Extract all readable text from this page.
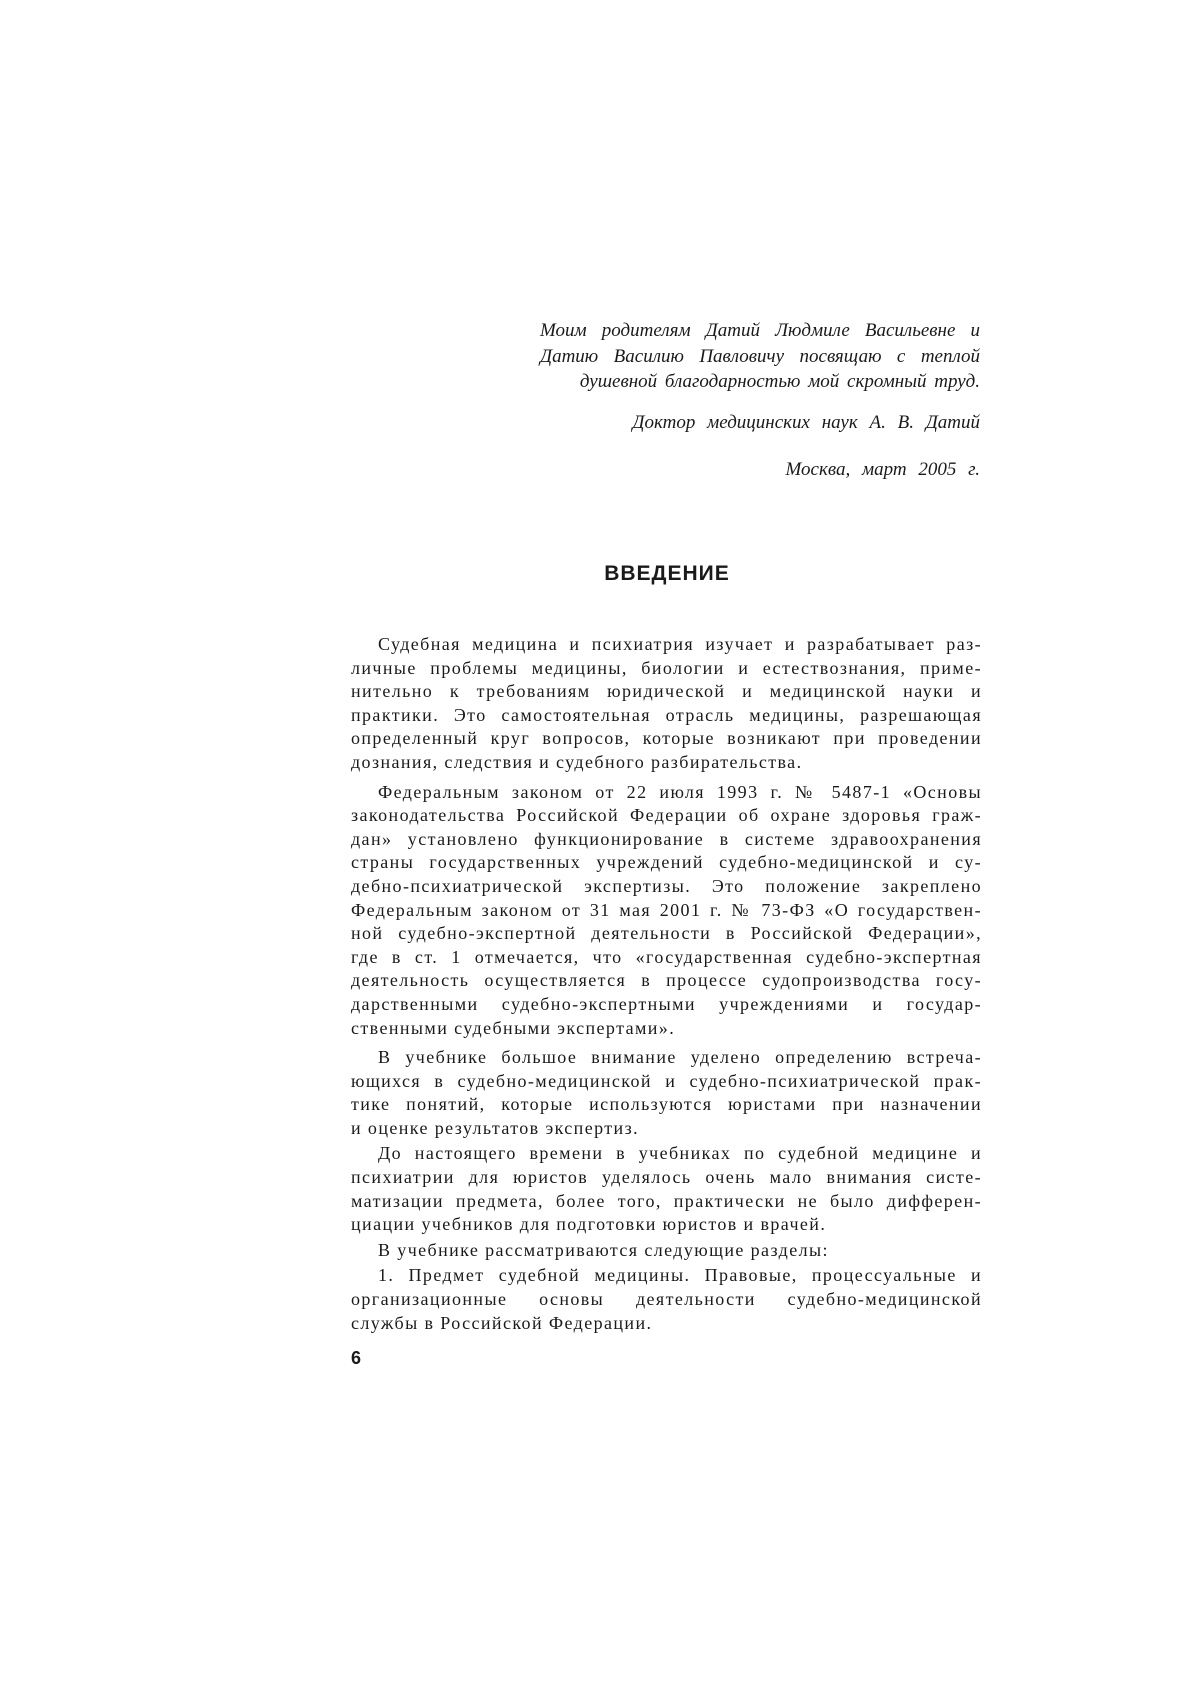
Моим родителям Датий Людмиле Васильевне и
Датию Василию Павловичу посвящаю с теплой
душевной благодарностью мой скромный труд.
Доктор медицинских наук А. В. Датий
Москва, март 2005 г.
ВВЕДЕНИЕ
Судебная медицина и психиатрия изучает и разрабатывает раз-
личные проблемы медицины, биологии и естествознания, приме-
нительно к требованиям юридической и медицинской науки и
практики. Это самостоятельная отрасль медицины, разрешающая
определенный круг вопросов, которые возникают при проведении
дознания, следствия и судебного разбирательства.
Федеральным законом от 22 июля 1993 г. № 5487-1 «Основы
законодательства Российской Федерации об охране здоровья граж-
дан» установлено функционирование в системе здравоохранения
страны государственных учреждений судебно-медицинской и су-
дебно-психиатрической экспертизы. Это положение закреплено
Федеральным законом от 31 мая 2001 г. № 73-ФЗ «О государствен-
ной судебно-экспертной деятельности в Российской Федерации»,
где в ст. 1 отмечается, что «государственная судебно-экспертная
деятельность осуществляется в процессе судопроизводства госу-
дарственными судебно-экспертными учреждениями и государ-
ственными судебными экспертами».
В учебнике большое внимание уделено определению встреча-
ющихся в судебно-медицинской и судебно-психиатрической прак-
тике понятий, которые используются юристами при назначении
и оценке результатов экспертиз.
До настоящего времени в учебниках по судебной медицине и
психиатрии для юристов уделялось очень мало внимания систе-
матизации предмета, более того, практически не было дифферен-
циации учебников для подготовки юристов и врачей.
В учебнике рассматриваются следующие разделы:
1. Предмет судебной медицины. Правовые, процессуальные и
организационные основы деятельности судебно-медицинской
службы в Российской Федерации.
6
